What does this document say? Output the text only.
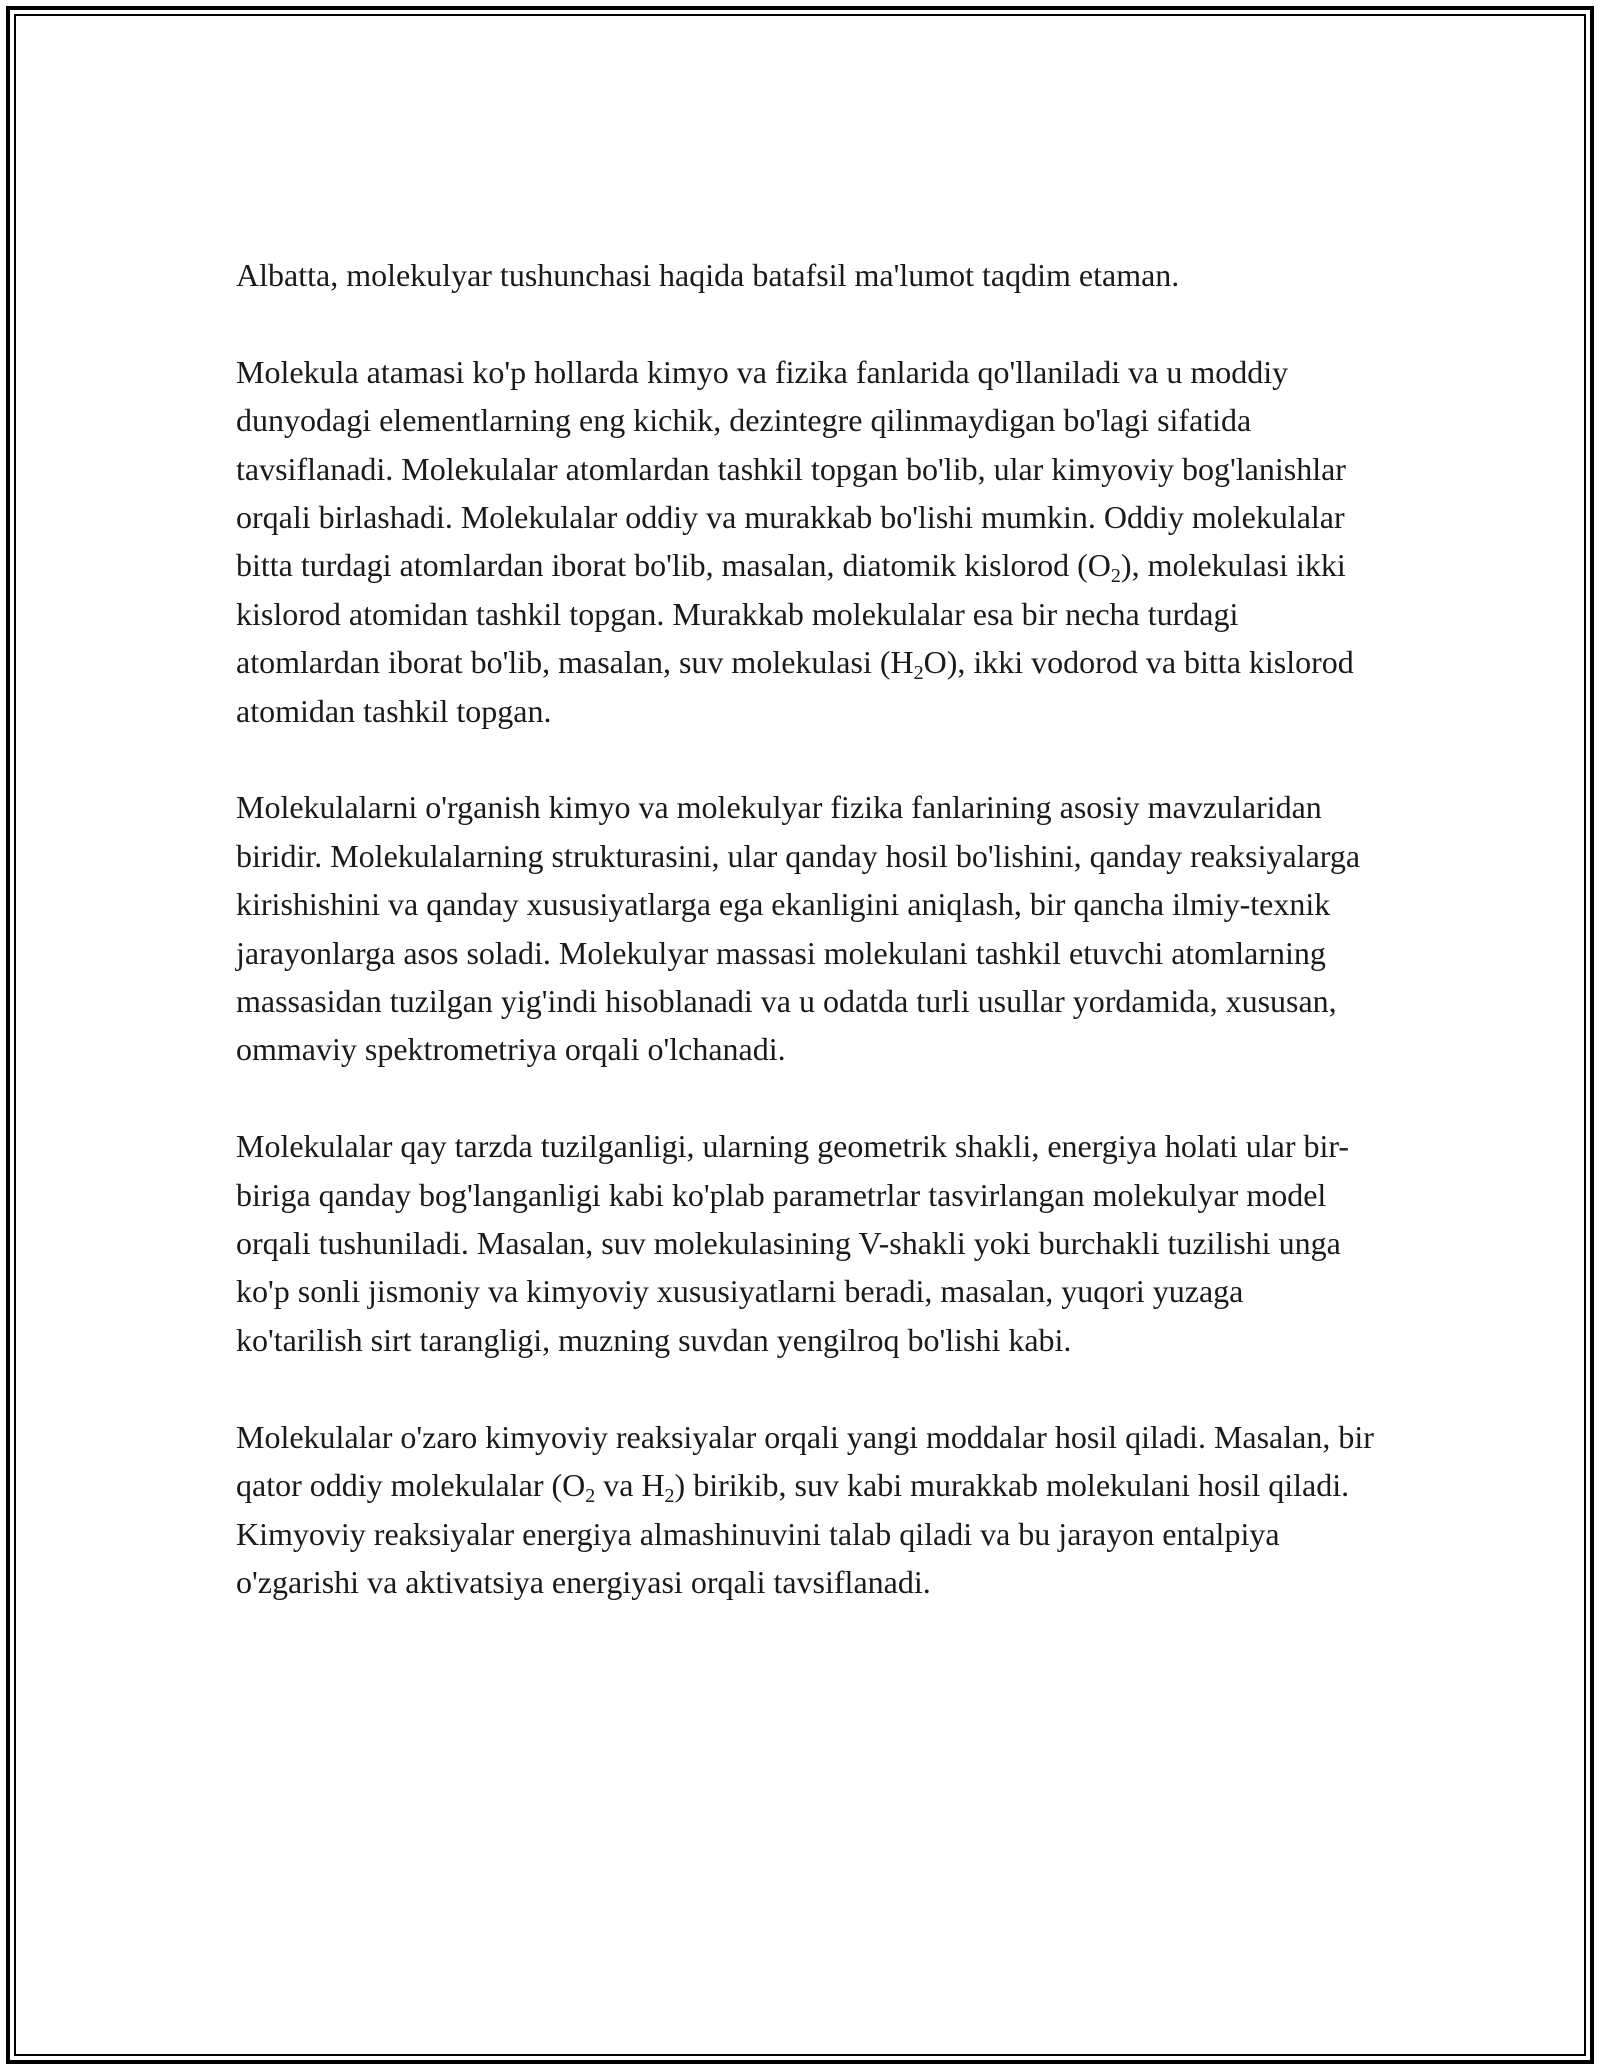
Albatta, molekulyar tushunchasi haqida batafsil ma'lumot taqdim etaman.

Molekula atamasi ko'p hollarda kimyo va fizika fanlarida qo'llaniladi va u moddiy dunyodagi elementlarning eng kichik, dezintegre qilinmaydigan bo'lagi sifatida tavsiflanadi. Molekulalar atomlardan tashkil topgan bo'lib, ular kimyoviy bog'lanishlar orqali birlashadi. Molekulalar oddiy va murakkab bo'lishi mumkin. Oddiy molekulalar bitta turdagi atomlardan iborat bo'lib, masalan, diatomik kislorod $(O_2)$, molekulasi ikki kislorod atomidan tashkil topgan. Murakkab molekulalar esa bir necha turdagi atomlardan iborat bo'lib, masalan, suv molekulasi $(H_2O)$, ikki vodorod va bitta kislorod atomidan tashkil topgan.

Molekulalarni o'rganish kimyo va molekulyar fizika fanlarining asosiy mavzularidan biridir. Molekulalarning strukturasini, ular qanday hosil bo'lishini, qanday reaksiyalarga kirishishini va qanday xususiyatlarga ega ekanligini aniqlash, bir qancha ilmiy-texnik jarayonlarga asos soladi. Molekulyar massasi molekulani tashkil etuvchi atomlarning massasidan tuzilgan yig'indi hisoblanadi va u odatda turli usullar yordamida, xususan, ommaviy spektrometriya orqali o'lchanadi.

Molekulalar qay tarzda tuzilganligi, ularning geometrik shakli, energiya holati ular bir-biriga qanday bog'langanligi kabi ko'plab parametrlar tasvirlangan molekulyar model orqali tushuniladi. Masalan, suv molekulasining V-shakli yoki burchakli tuzilishi unga ko'p sonli jismoniy va kimyoviy xususiyatlarni beradi, masalan, yuqori yuzaga ko'tarilish sirt tarangligi, muzning suvdan yengilroq bo'lishi kabi.

Molekulalar o'zaro kimyoviy reaksiyalar orqali yangi moddalar hosil qiladi. Masalan, bir qator oddiy molekulalar ($O_2$ va $H_2$) birikib, suv kabi murakkab molekulani hosil qiladi. Kimyoviy reaksiyalar energiya almashinuvini talab qiladi va bu jarayon entalpiya o'zgarishi va aktivatsiya energiyasi orqali tavsiflanadi.
